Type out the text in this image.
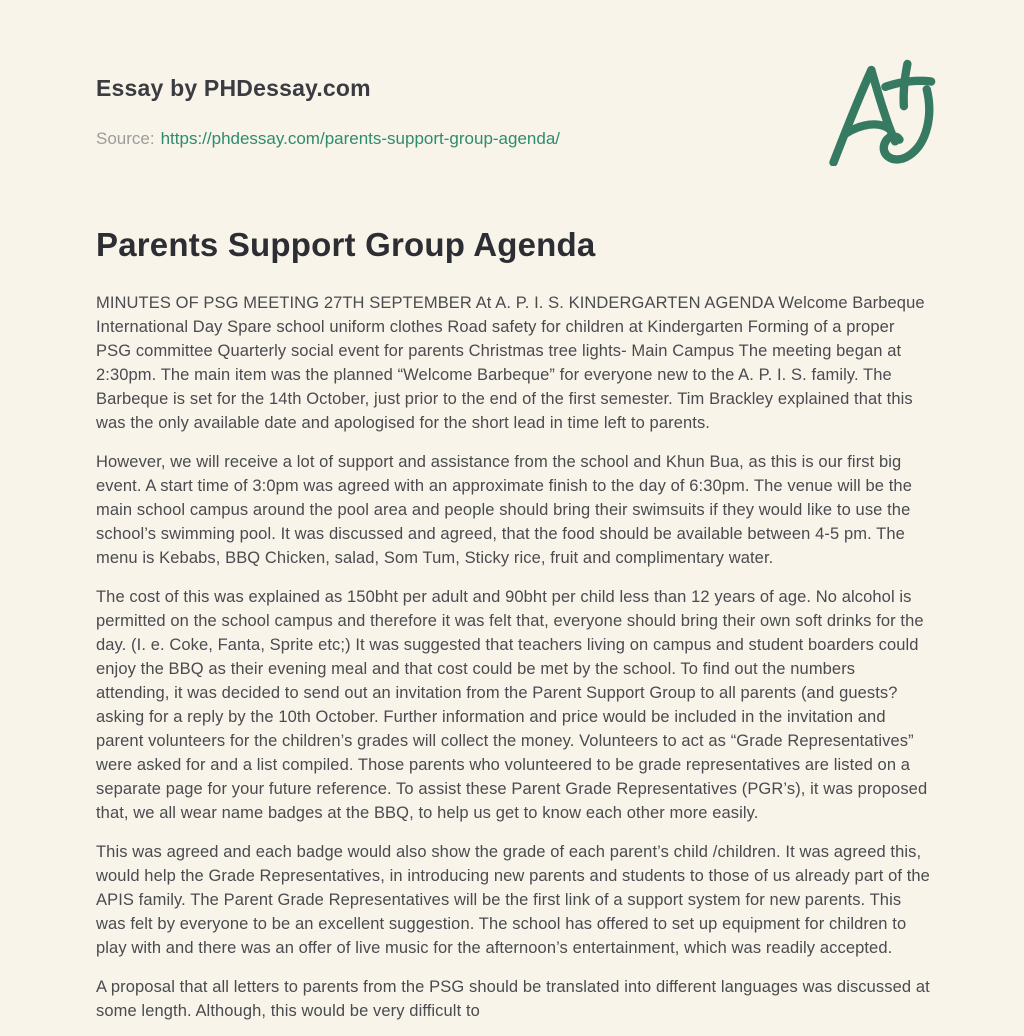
Essay by PHDessay.com
Source: https://phdessay.com/parents-support-group-agenda/
Parents Support Group Agenda

MINUTES OF PSG MEETING 27TH SEPTEMBER At A. P. I. S. KINDERGARTEN AGENDA Welcome Barbeque International Day Spare school uniform clothes Road safety for children at Kindergarten Forming of a proper PSG committee Quarterly social event for parents Christmas tree lights- Main Campus The meeting began at 2:30pm. The main item was the planned “Welcome Barbeque” for everyone new to the A. P. I. S. family. The Barbeque is set for the 14th October, just prior to the end of the first semester. Tim Brackley explained that this was the only available date and apologised for the short lead in time left to parents.

However, we will receive a lot of support and assistance from the school and Khun Bua, as this is our first big event. A start time of 3:0pm was agreed with an approximate finish to the day of 6:30pm. The venue will be the main school campus around the pool area and people should bring their swimsuits if they would like to use the school’s swimming pool. It was discussed and agreed, that the food should be available between 4-5 pm. The menu is Kebabs, BBQ Chicken, salad, Som Tum, Sticky rice, fruit and complimentary water.

The cost of this was explained as 150bht per adult and 90bht per child less than 12 years of age. No alcohol is permitted on the school campus and therefore it was felt that, everyone should bring their own soft drinks for the day. (I. e. Coke, Fanta, Sprite etc;) It was suggested that teachers living on campus and student boarders could enjoy the BBQ as their evening meal and that cost could be met by the school. To find out the numbers attending, it was decided to send out an invitation from the Parent Support Group to all parents (and guests? asking for a reply by the 10th October. Further information and price would be included in the invitation and parent volunteers for the children’s grades will collect the money. Volunteers to act as “Grade Representatives” were asked for and a list compiled. Those parents who volunteered to be grade representatives are listed on a separate page for your future reference. To assist these Parent Grade Representatives (PGR’s), it was proposed that, we all wear name badges at the BBQ, to help us get to know each other more easily.

This was agreed and each badge would also show the grade of each parent’s child /children. It was agreed this, would help the Grade Representatives, in introducing new parents and students to those of us already part of the APIS family. The Parent Grade Representatives will be the first link of a support system for new parents. This was felt by everyone to be an excellent suggestion. The school has offered to set up equipment for children to play with and there was an offer of live music for the afternoon’s entertainment, which was readily accepted.

A proposal that all letters to parents from the PSG should be translated into different languages was discussed at some length. Although, this would be very difficult to
